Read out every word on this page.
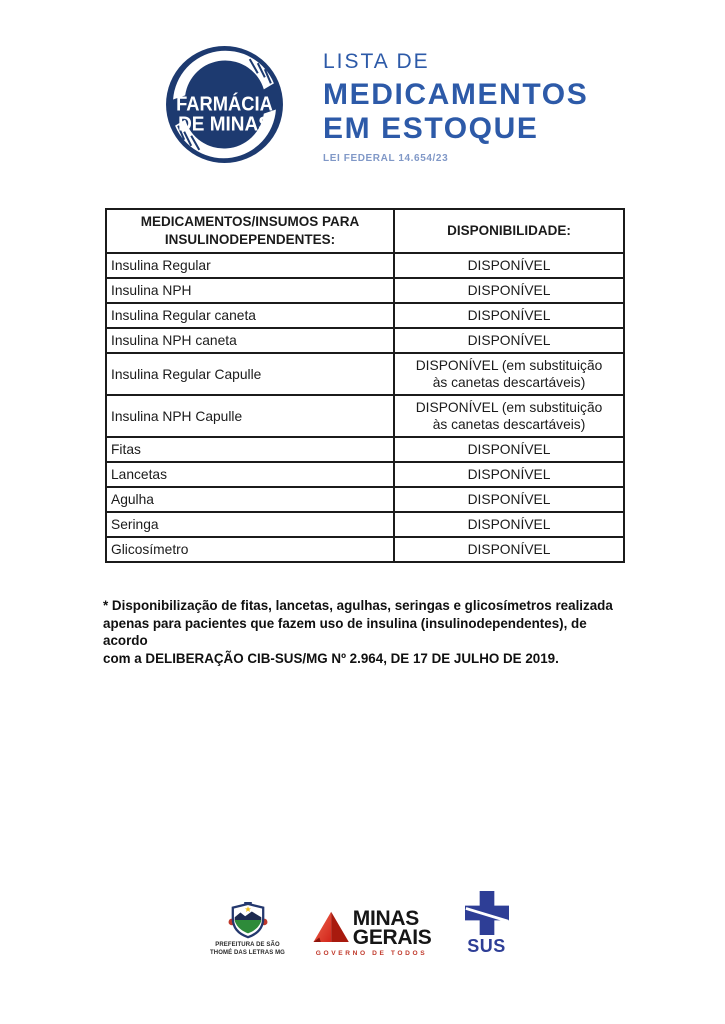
FARMÁCIA
DE MINAS
LISTA DE
MEDICAMENTOS
EM ESTOQUE
LEI FEDERAL 14.654/23
MEDICAMENTOS/INSUMOS PARA INSULINODEPENDENTES:	DISPONIBILIDADE:
Insulina Regular	DISPONÍVEL
Insulina NPH	DISPONÍVEL
Insulina Regular caneta	DISPONÍVEL
Insulina NPH caneta	DISPONÍVEL
Insulina Regular Capulle	DISPONÍVEL (em substituição às canetas descartáveis)
Insulina NPH Capulle	DISPONÍVEL (em substituição às canetas descartáveis)
Fitas	DISPONÍVEL
Lancetas	DISPONÍVEL
Agulha	DISPONÍVEL
Seringa	DISPONÍVEL
Glicosímetro	DISPONÍVEL
* Disponibilização de fitas, lancetas, agulhas, seringas e glicosímetros realizada
apenas para pacientes que fazem uso de insulina (insulinodependentes), de acordo
com a DELIBERAÇÃO CIB-SUS/MG Nº 2.964, DE 17 DE JULHO DE 2019.
PREFEITURA DE SÃO
THOMÉ DAS LETRAS MG
MINAS
GERAIS
GOVERNO DE TODOS SUS
